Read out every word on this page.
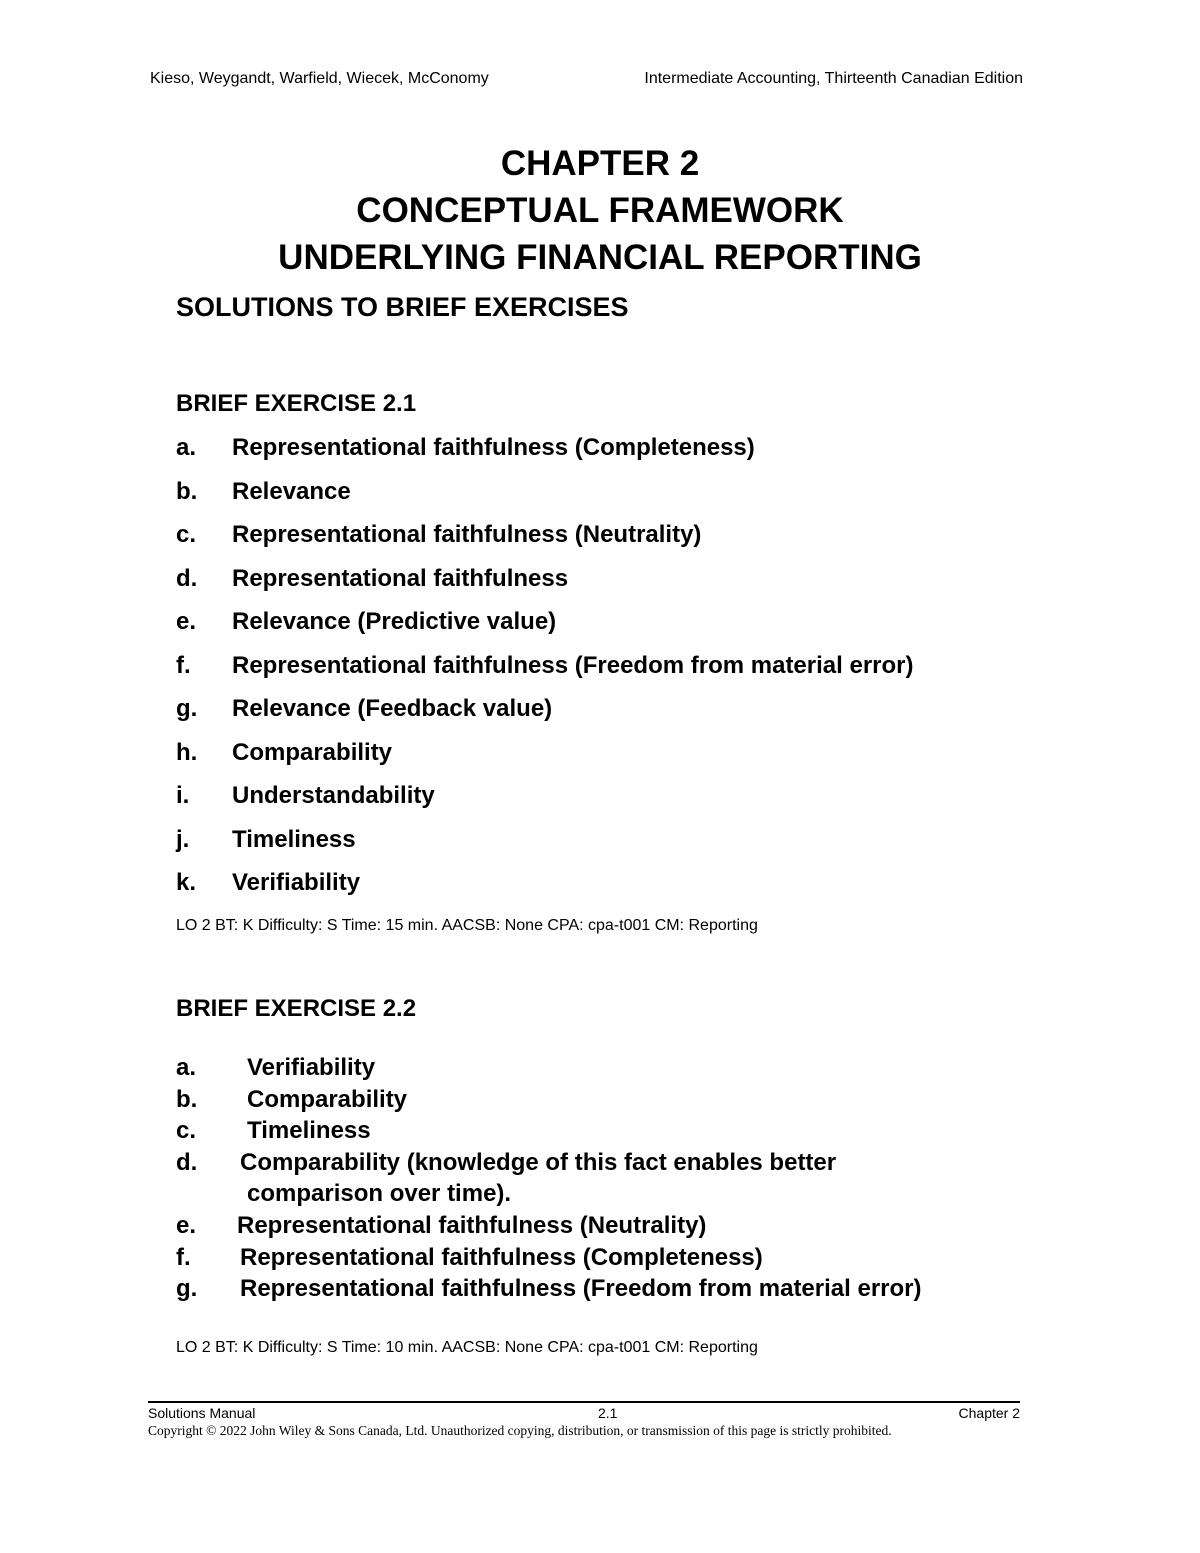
Kieso, Weygandt, Warfield, Wiecek, McConomy	Intermediate Accounting, Thirteenth Canadian Edition
CHAPTER 2
CONCEPTUAL FRAMEWORK
UNDERLYING FINANCIAL REPORTING
SOLUTIONS TO BRIEF EXERCISES
BRIEF EXERCISE 2.1
a. Representational faithfulness (Completeness)
b. Relevance
c. Representational faithfulness (Neutrality)
d. Representational faithfulness
e. Relevance (Predictive value)
f. Representational faithfulness (Freedom from material error)
g. Relevance (Feedback value)
h. Comparability
i. Understandability
j. Timeliness
k. Verifiability
LO 2 BT: K Difficulty: S Time: 15 min. AACSB: None CPA: cpa-t001 CM: Reporting
BRIEF EXERCISE 2.2
a. Verifiability
b. Comparability
c. Timeliness
d. Comparability (knowledge of this fact enables better
comparison over time).
e. Representational faithfulness (Neutrality)
f. Representational faithfulness (Completeness)
g. Representational faithfulness (Freedom from material error)
LO 2 BT: K Difficulty: S Time: 10 min. AACSB: None CPA: cpa-t001 CM: Reporting
Solutions Manual	2.1	Chapter 2
Copyright © 2022 John Wiley & Sons Canada, Ltd. Unauthorized copying, distribution, or transmission of this page is strictly prohibited.
